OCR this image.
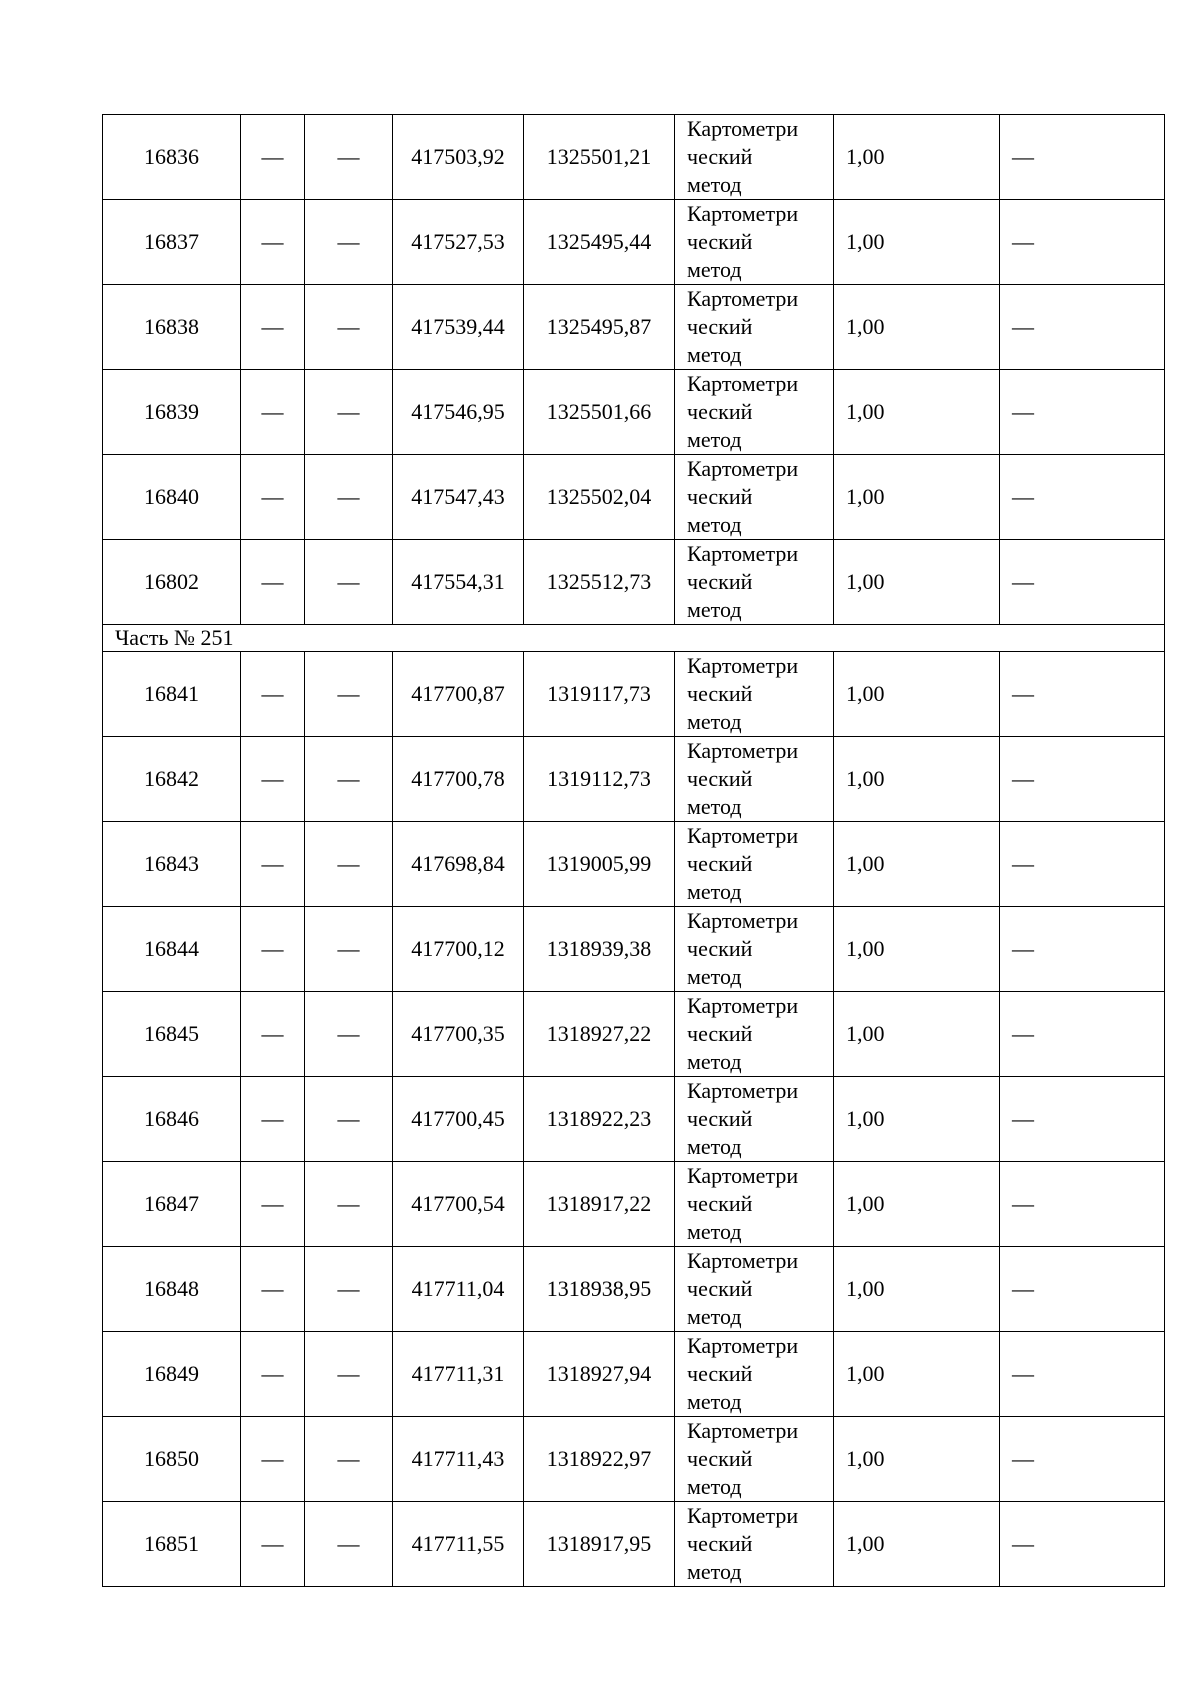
16836	—	—	417503,92	1325501,21	Картометри
ческий
метод	1,00	—
16837	—	—	417527,53	1325495,44	Картометри
ческий
метод	1,00	—
16838	—	—	417539,44	1325495,87	Картометри
ческий
метод	1,00	—
16839	—	—	417546,95	1325501,66	Картометри
ческий
метод	1,00	—
16840	—	—	417547,43	1325502,04	Картометри
ческий
метод	1,00	—
16802	—	—	417554,31	1325512,73	Картометри
ческий
метод	1,00	—
Часть № 251							
16841	—	—	417700,87	1319117,73	Картометри
ческий
метод	1,00	—
16842	—	—	417700,78	1319112,73	Картометри
ческий
метод	1,00	—
16843	—	—	417698,84	1319005,99	Картометри
ческий
метод	1,00	—
16844	—	—	417700,12	1318939,38	Картометри
ческий
метод	1,00	—
16845	—	—	417700,35	1318927,22	Картометри
ческий
метод	1,00	—
16846	—	—	417700,45	1318922,23	Картометри
ческий
метод	1,00	—
16847	—	—	417700,54	1318917,22	Картометри
ческий
метод	1,00	—
16848	—	—	417711,04	1318938,95	Картометри
ческий
метод	1,00	—
16849	—	—	417711,31	1318927,94	Картометри
ческий
метод	1,00	—
16850	—	—	417711,43	1318922,97	Картометри
ческий
метод	1,00	—
16851	—	—	417711,55	1318917,95	Картометри
ческий
метод	1,00	—
